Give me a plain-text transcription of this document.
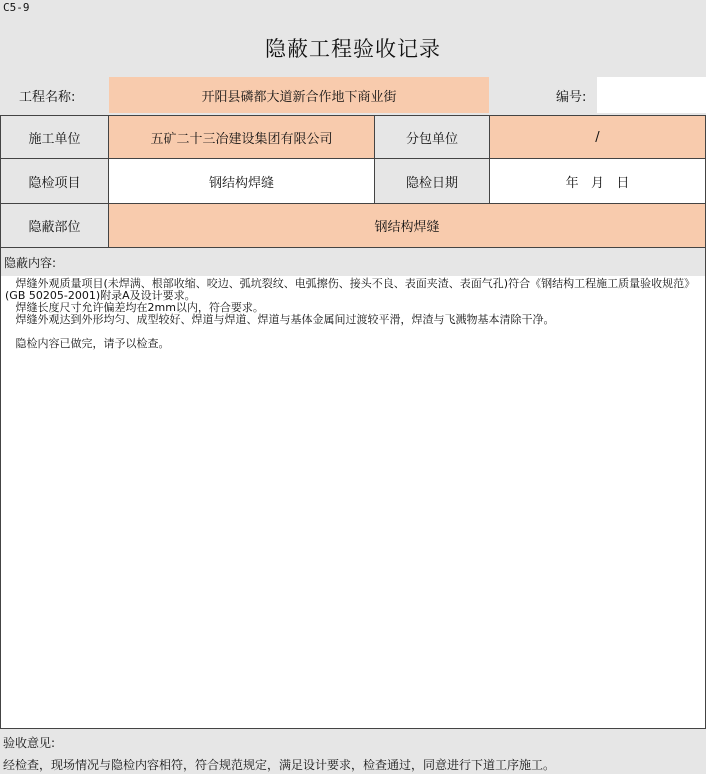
C5-9
隐蔽工程验收记录
工程名称:	开阳县磷都大道新合作地下商业街	编号:
施工单位	五矿二十三冶建设集团有限公司	分包单位	/
隐检项目	钢结构焊缝	隐检日期	年   月   日
隐蔽部位	钢结构焊缝
隐蔽内容:
焊缝外观质量项目(未焊满、根部收缩、咬边、弧坑裂纹、电弧擦伤、接头不良、表面夹渣、表面气孔)符合《钢结构工程施工质量验收规范》(GB 50205-2001)附录A及设计要求。
焊缝长度尺寸允许偏差均在2mm以内，符合要求。
焊缝外观达到外形均匀、成型较好、焊道与焊道、焊道与基体金属间过渡较平滑，焊渣与飞溅物基本清除干净。
隐检内容已做完，请予以检查。
验收意见:
经检查，现场情况与隐检内容相符，符合规范规定，满足设计要求，检查通过，同意进行下道工序施工。
